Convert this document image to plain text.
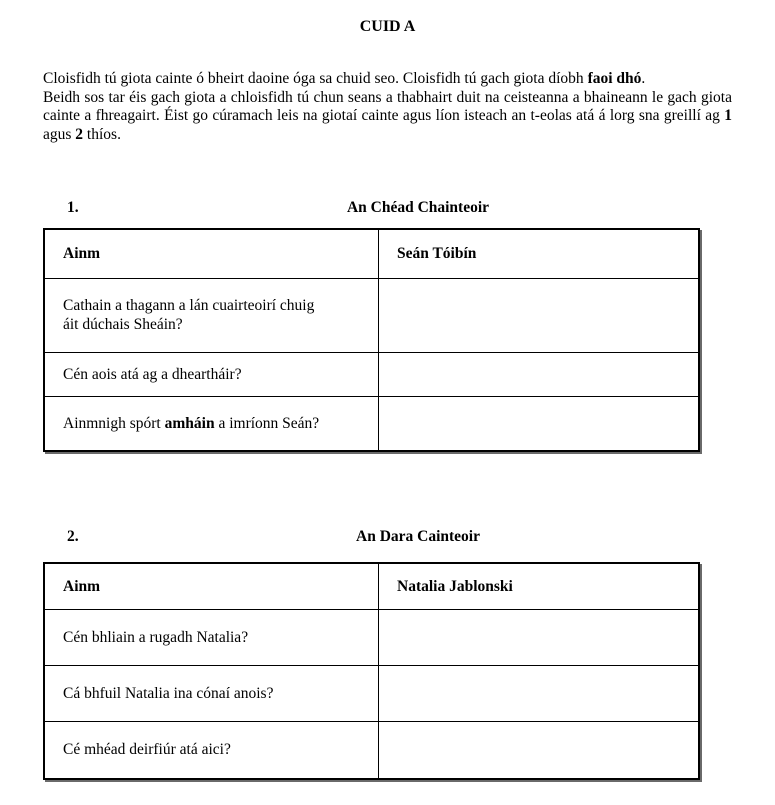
CUID A

Cloisfidh tú giota cainte ó bheirt daoine óga sa chuid seo. Cloisfidh tú gach giota díobh faoi dhó.

Beidh sos tar éis gach giota a chloisfidh tú chun seans a thabhairt duit na ceisteanna a bhaineann le gach giota cainte a fhreagairt. Éist go cúramach leis na giotaí cainte agus líon isteach an t-eolas atá á lorg sna greillí ag 1 agus 2 thíos.

1.	An Chéad Chainteoir
Ainm	Seán Tóibín
Cathain a thagann a lán cuairteoirí chuig
áit dúchais Sheáin?	
Cén aois atá ag a dheartháir?	
Ainmnigh spórt amháin a imríonn Seán?	
2.	An Dara Cainteoir
Ainm	Natalia Jablonski
Cén bhliain a rugadh Natalia?	
Cá bhfuil Natalia ina cónaí anois?	
Cé mhéad deirfiúr atá aici?	
